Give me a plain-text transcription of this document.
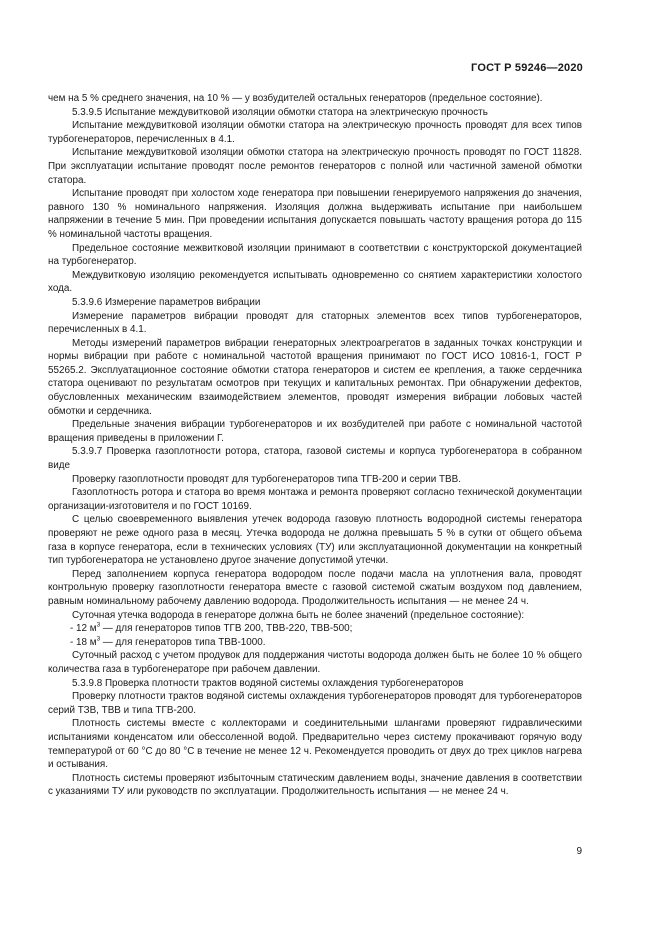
ГОСТ Р 59246—2020

чем на 5 % среднего значения, на 10 % — у возбудителей остальных генераторов (предельное состояние).

5.3.9.5 Испытание междувитковой изоляции обмотки статора на электрическую прочность

Испытание междувитковой изоляции обмотки статора на электрическую прочность проводят для всех типов турбогенераторов, перечисленных в 4.1.

Испытание междувитковой изоляции обмотки статора на электрическую прочность проводят по ГОСТ 11828. При эксплуатации испытание проводят после ремонтов генераторов с полной или частичной заменой обмотки статора.

Испытание проводят при холостом ходе генератора при повышении генерируемого напряжения до значения, равного 130 % номинального напряжения. Изоляция должна выдерживать испытание при наибольшем напряжении в течение 5 мин. При проведении испытания допускается повышать частоту вращения ротора до 115 % номинальной частоты вращения.

Предельное состояние межвитковой изоляции принимают в соответствии с конструкторской документацией на турбогенератор.

Междувитковую изоляцию рекомендуется испытывать одновременно со снятием характеристики холостого хода.

5.3.9.6 Измерение параметров вибрации

Измерение параметров вибрации проводят для статорных элементов всех типов турбогенераторов, перечисленных в 4.1.

Методы измерений параметров вибрации генераторных электроагрегатов в заданных точках конструкции и нормы вибрации при работе с номинальной частотой вращения принимают по ГОСТ ИСО 10816-1, ГОСТ Р 55265.2. Эксплуатационное состояние обмотки статора генераторов и систем ее крепления, а также сердечника статора оценивают по результатам осмотров при текущих и капитальных ремонтах. При обнаружении дефектов, обусловленных механическим взаимодействием элементов, проводят измерения вибрации лобовых частей обмотки и сердечника.

Предельные значения вибрации турбогенераторов и их возбудителей при работе с номинальной частотой вращения приведены в приложении Г.

5.3.9.7 Проверка газоплотности ротора, статора, газовой системы и корпуса турбогенератора в собранном виде

Проверку газоплотности проводят для турбогенераторов типа ТГВ-200 и серии ТВВ.

Газоплотность ротора и статора во время монтажа и ремонта проверяют согласно технической документации организации-изготовителя и по ГОСТ 10169.

С целью своевременного выявления утечек водорода газовую плотность водородной системы генератора проверяют не реже одного раза в месяц. Утечка водорода не должна превышать 5 % в сутки от общего объема газа в корпусе генератора, если в технических условиях (ТУ) или эксплуатационной документации на конкретный тип турбогенератора не установлено другое значение допустимой утечки.

Перед заполнением корпуса генератора водородом после подачи масла на уплотнения вала, проводят контрольную проверку газоплотности генератора вместе с газовой системой сжатым воздухом под давлением, равным номинальному рабочему давлению водорода. Продолжительность испытания — не менее 24 ч.

Суточная утечка водорода в генераторе должна быть не более значений (предельное состояние):

- 12 $м^3$ — для генераторов типов ТГВ 200, ТВВ-220, ТВВ-500;

- 18 $м^3$ — для генераторов типа ТВВ-1000.

Суточный расход с учетом продувок для поддержания чистоты водорода должен быть не более 10 % общего количества газа в турбогенераторе при рабочем давлении.

5.3.9.8 Проверка плотности трактов водяной системы охлаждения турбогенераторов

Проверку плотности трактов водяной системы охлаждения турбогенераторов проводят для турбогенераторов серий ТЗВ, ТВВ и типа ТГВ-200.

Плотность системы вместе с коллекторами и соединительными шлангами проверяют гидравлическими испытаниями конденсатом или обессоленной водой. Предварительно через систему прокачивают горячую воду температурой от 60 °С до 80 °С в течение не менее 12 ч. Рекомендуется проводить от двух до трех циклов нагрева и остывания.

Плотность системы проверяют избыточным статическим давлением воды, значение давления в соответствии с указаниями ТУ или руководств по эксплуатации. Продолжительность испытания — не менее 24 ч.

9
